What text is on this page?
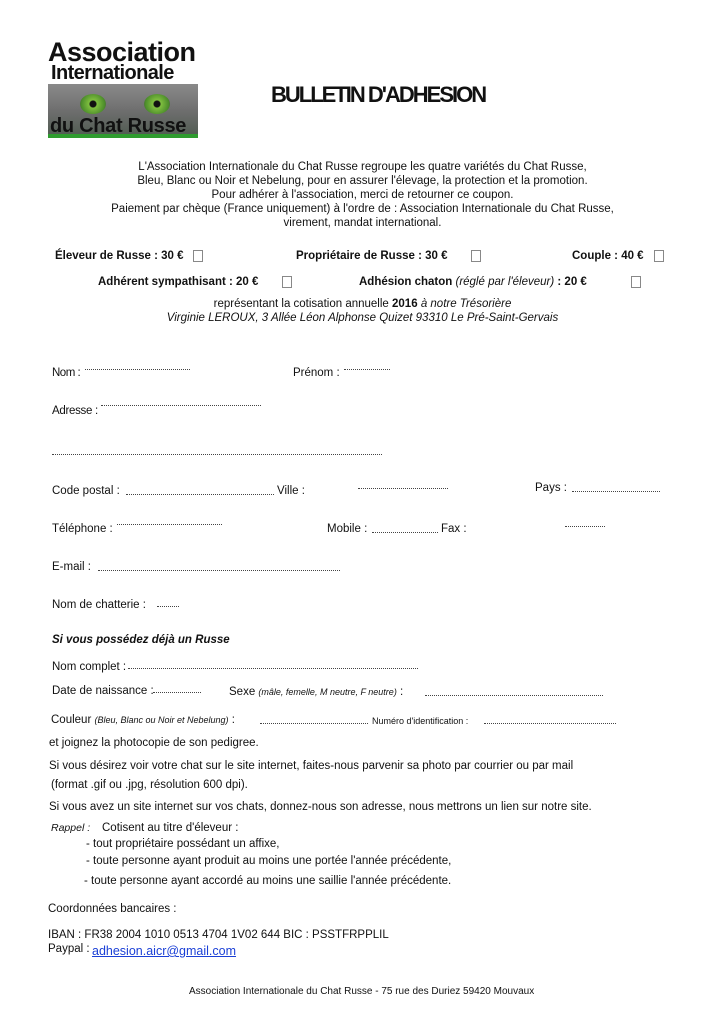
Association
Internationale
du Chat Russe
BULLETIN D'ADHESION
L'Association Internationale du Chat Russe regroupe les quatre variétés du Chat Russe,
Bleu, Blanc ou Noir et Nebelung, pour en assurer l'élevage, la protection et la promotion.
Pour adhérer à l'association, merci de retourner ce coupon.
Paiement par chèque (France uniquement) à l'ordre de : Association Internationale du Chat Russe,
virement, mandat international.
Éleveur de Russe : 30 €	Propriétaire de Russe : 30 €	Couple : 40 €
Adhérent sympathisant : 20 €	Adhésion chaton (réglé par l'éleveur) : 20 €
représentant la cotisation annuelle 2016 à notre Trésorière
Virginie LEROUX, 3 Allée Léon Alphonse Quizet 93310 Le Pré-Saint-Gervais
Nom :	Prénom :
Adresse :
Code postal :	Ville :	Pays :
Téléphone :	Mobile :	Fax :
E-mail :
Nom de chatterie :
Si vous possédez déjà un Russe
Nom complet :
Date de naissance :	Sexe (mâle, femelle, M neutre, F neutre) :
Couleur (Bleu, Blanc ou Noir et Nebelung) :	Numéro d'identification :
et joignez la photocopie de son pedigree.
Si vous désirez voir votre chat sur le site internet, faites-nous parvenir sa photo par courrier ou par mail
(format .gif ou .jpg, résolution 600 dpi).
Si vous avez un site internet sur vos chats, donnez-nous son adresse, nous mettrons un lien sur notre site.
Rappel : Cotisent au titre d'éleveur :
- tout propriétaire possédant un affixe,
- toute personne ayant produit au moins une portée l'année précédente,
- toute personne ayant accordé au moins une saillie l'année précédente.
Coordonnées bancaires :
IBAN : FR38 2004 1010 0513 4704 1V02 644 BIC : PSSTFRPPLIL
Paypal : adhesion.aicr@gmail.com
Association Internationale du Chat Russe - 75 rue des Duriez 59420 Mouvaux
